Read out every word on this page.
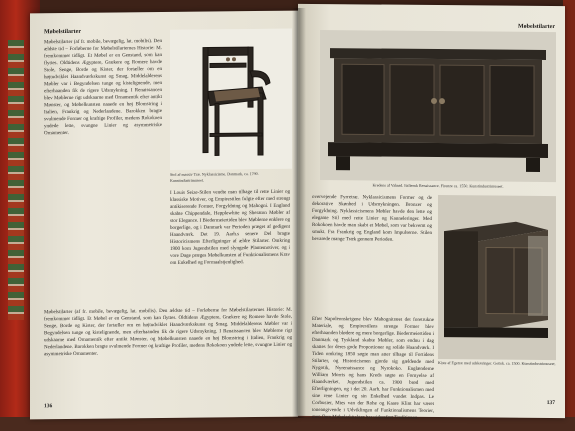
Møbelstilarter

Møbelstilarter (af fr. mobile, bevægelig, lat. mobilis). Den ældste tid – Forløberne for Møbelstilarternes Historie: M. fremkommer tidligt. Et Møbel er en Genstand, som kan flyttes. Oldtidens Ægyptere, Grækere og Romere havde Stole, Senge, Borde og Kister, der fortæller om en højtudviklet Haandværkskunst og Smag. Middelalderens Møbler var i Begyndelsen tunge og kistelignende, men efterhaanden fik de rigere Udsmykning. I Renaissancen blev Møblerne rigt udskaarne med Ornamentik efter antikt Mønster, og Møbelkunsten naaede en høj Blomstring i Italien, Frankrig og Nederlandene. Barokken bragte svulmende Former og kraftige Profiler, medens Rokokoen yndede lette, svungne Linier og asymmetriske Ornamenter.

Stol af massiv Træ. Nyklassicisme. Danmark, ca. 1790. Kunstindustrimuseet.

I Louis Seize-Stilen vendte man tilbage til rette Linier og klassiske Motiver, og Empirestilen fulgte efter med strengt antikiserende Former, Forgyldning og Mahogni. I England skabte Chippendale, Hepplewhite og Sheraton Møbler af stor Elegance. I Biedermeiertiden blev Møblerne enklere og borgerlige, og i Danmark var Perioden præget af gedigent Haandværk. Det 19. Aarh.s senere Del bragte Historicismens Efterligninger af ældre Stilarter. Omkring 1900 kom Jugendstilen med slyngede Plantemotiver, og i vore Dage præges Møbelkunsten af Funktionalismens Krav om Enkelhed og Formaalstjenlighed.

Møbelstilarter (af fr. mobile, bevægelig, lat. mobilis). Den ældste tid – Forløberne for Møbelstilarternes Historie: M. fremkommer tidligt. Et Møbel er en Genstand, som kan flyttes. Oldtidens Ægyptere, Grækere og Romere havde Stole, Senge, Borde og Kister, der fortæller om en højtudviklet Haandværkskunst og Smag. Middelalderens Møbler var i Begyndelsen tunge og kistelignende, men efterhaanden fik de rigere Udsmykning. I Renaissancen blev Møblerne rigt udskaarne med Ornamentik efter antikt Mønster, og Møbelkunsten naaede en høj Blomstring i Italien, Frankrig og Nederlandene. Barokken bragte svulmende Former og kraftige Profiler, medens Rokokoen yndede lette, svungne Linier og asymmetriske Ornamenter.

136
Møbelstilarter
Kredens af Valnød. Italiensk Renaissance. Firenze ca. 1550. Kunstindustrimuseet.

overvejende Fyrretræ. Nyklassicismens Former og de dekorative Skønhed i Udsmykningen. Bronzer og Forgyldning. Nyklassicismens Møbler havde den lette og elegante Stil med rette Linier og Kanneleringer. Med Rokokoen havde man skabt et Møbel, som var bekvemt og smukt. Fra Frankrig og England kom Impulserne. Stilen bevarede mange Træk gennem Perioden.

Kiste af Egetræ med udskæringer. Gotisk. ca. 1500. Kunstindustrimuseet.

Efter Napoleonskrigene blev Mahognitræet det foretrukne Materiale, og Empirestilens strenge Former blev efterhaanden blødere og mere borgerlige. Biedermeiertiden i Danmark og Tyskland skabte Møbler, som endnu i dag skattes for deres gode Proportioner og solide Haandværk. I Tiden omkring 1850 søgte man atter tilbage til Fortidens Stilarter, og Historicismen gjorde sig gældende med Nygotik, Nyrenaissance og Nyrokoko. Englænderne William Morris og hans Kreds søgte en Fornyelse af Haandværket. Jugendstilen ca. 1900 brød med Efterligningen, og i det 20. Aarh. har Funktionalismen med sine rene Linier og sin Enkelhed vundet Indpas. Le Corbusier, Mies van der Rohe og Kaare Klint har været toneangivende i Udviklingen af Funktionalismens Teorier, men flere Møbelarkitekter har videreført Traditionen.

137
